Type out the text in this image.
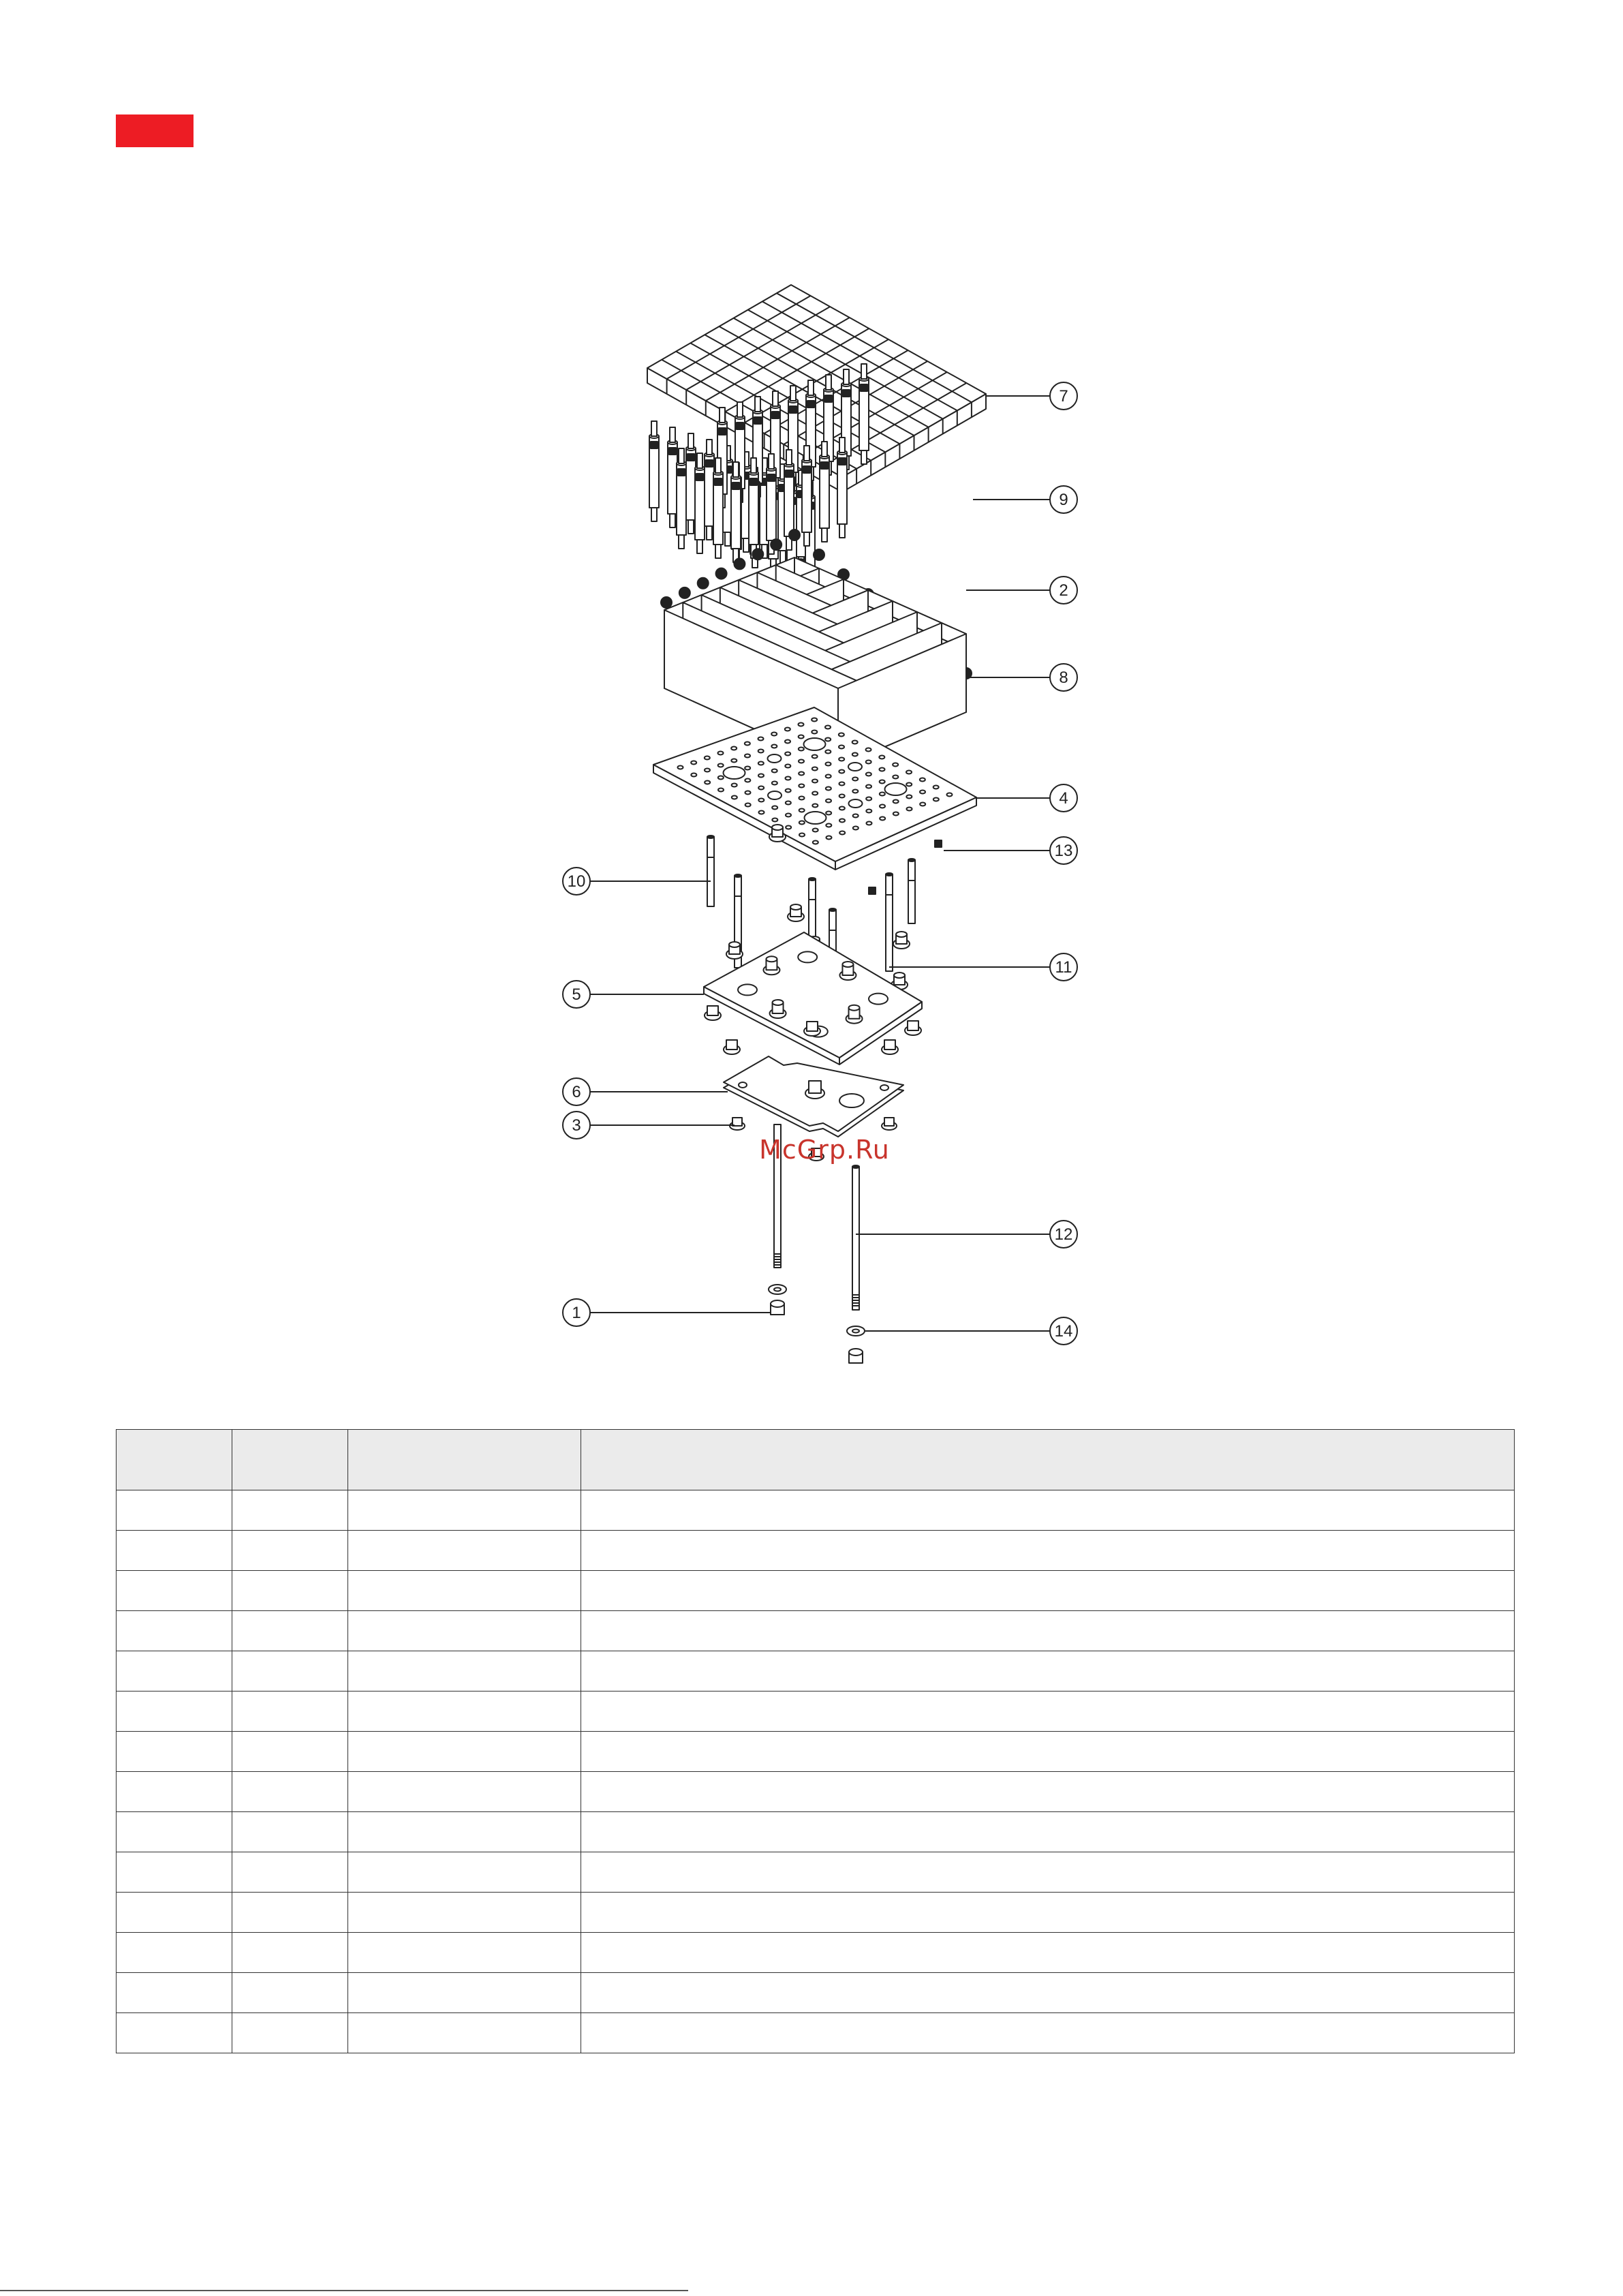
7
9
2
8
4
13
10
11
5
6
3
12
1
14
McGrp.Ru
